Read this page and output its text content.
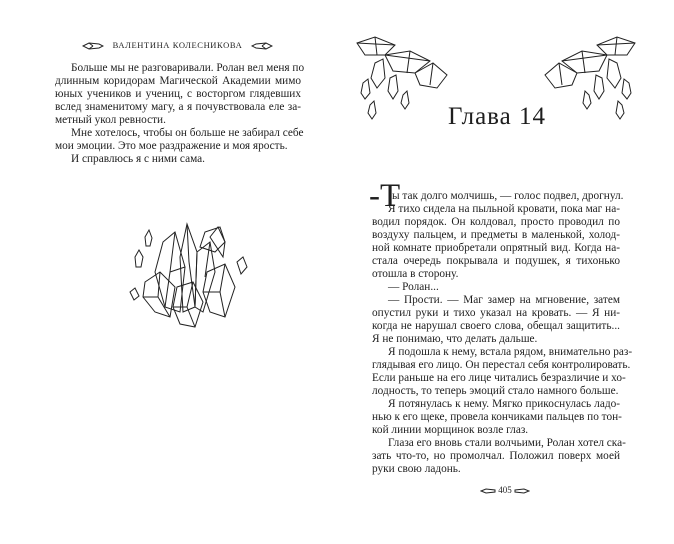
ВАЛЕНТИНА КОЛЕСНИКОВА
Больше мы не разговаривали. Ролан вел меня по
длинным коридорам Магической Академии мимо
юных учеников и учениц, с восторгом глядевших
вслед знаменитому магу, а я почувствовала еле за-
метный укол ревности.
Мне хотелось, чтобы он больше не забирал себе
мои эмоции. Это мое раздражение и моя ярость.
И справлюсь я с ними сама.
Глава 14
-Т
ы так долго молчишь, — голос подвел, дрогнул.
Я тихо сидела на пыльной кровати, пока маг на-
водил порядок. Он колдовал, просто проводил по
воздуху пальцем, и предметы в маленькой, холод-
ной комнате приобретали опрятный вид. Когда на-
стала очередь покрывала и подушек, я тихонько
отошла в сторону.
— Ролан...
— Прости. — Маг замер на мгновение, затем
опустил руки и тихо указал на кровать. — Я ни-
когда не нарушал своего слова, обещал защитить...
Я не понимаю, что делать дальше.
Я подошла к нему, встала рядом, внимательно раз-
глядывая его лицо. Он перестал себя контролировать.
Если раньше на его лице читались безразличие и хо-
лодность, то теперь эмоций стало намного больше.
Я потянулась к нему. Мягко прикоснулась ладо-
нью к его щеке, провела кончиками пальцев по тон-
кой линии морщинок возле глаз.
Глаза его вновь стали волчьими, Ролан хотел ска-
зать что-то, но промолчал. Положил поверх моей
руки свою ладонь.
405
